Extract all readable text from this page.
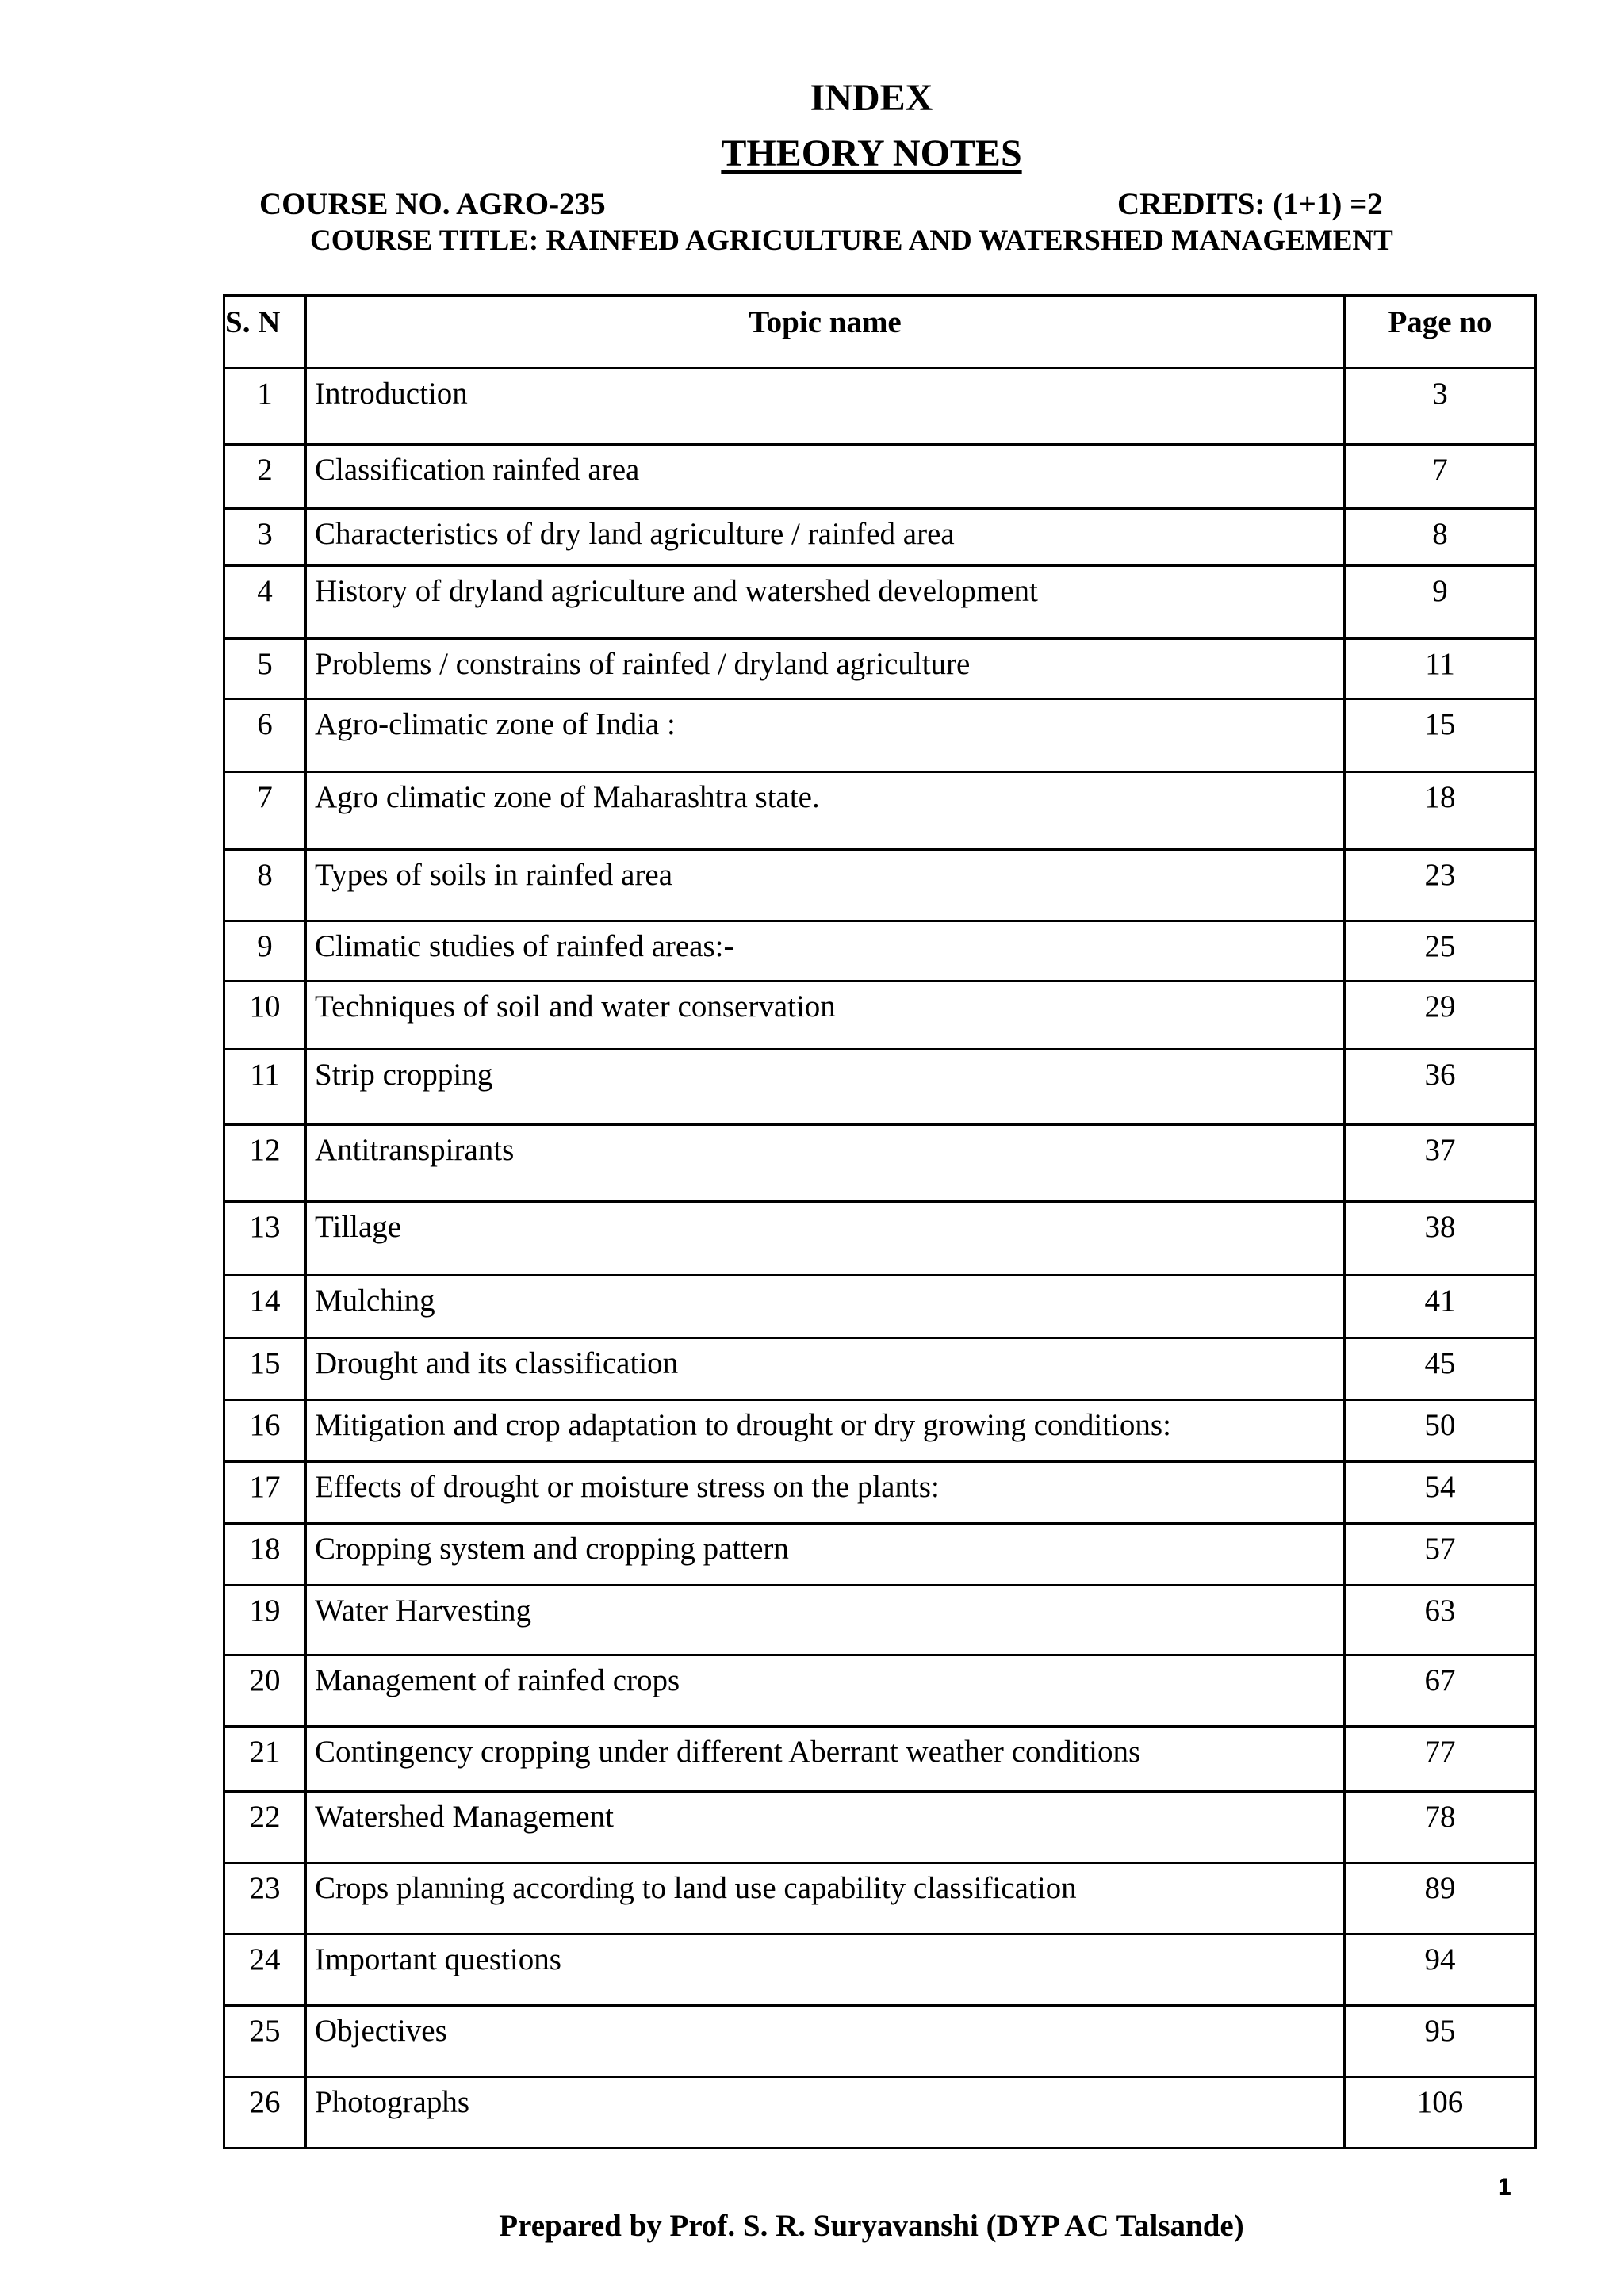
INDEX
THEORY NOTES
COURSE NO. AGRO-235	CREDITS: (1+1) =2
COURSE TITLE: RAINFED AGRICULTURE AND WATERSHED MANAGEMENT
S. N	Topic name	Page no
1	Introduction	3
2	Classification rainfed area	7
3	Characteristics of dry land agriculture / rainfed area	8
4	History of dryland agriculture and watershed development	9
5	Problems / constrains of rainfed / dryland agriculture	11
6	Agro-climatic zone of India :	15
7	Agro climatic zone of Maharashtra state.	18
8	Types of soils in rainfed area	23
9	Climatic studies of rainfed areas:-	25
10	Techniques of soil and water conservation	29
11	Strip cropping	36
12	Antitranspirants	37
13	Tillage	38
14	Mulching	41
15	Drought and its classification	45
16	Mitigation and crop adaptation to drought or dry growing conditions:	50
17	Effects of drought or moisture stress on the plants:	54
18	Cropping system and cropping pattern	57
19	Water Harvesting	63
20	Management of rainfed crops	67
21	Contingency cropping under different Aberrant weather conditions	77
22	Watershed Management	78
23	Crops planning according to land use capability classification	89
24	Important questions	94
25	Objectives	95
26	Photographs	106
1
Prepared by Prof. S. R. Suryavanshi (DYP AC Talsande)
